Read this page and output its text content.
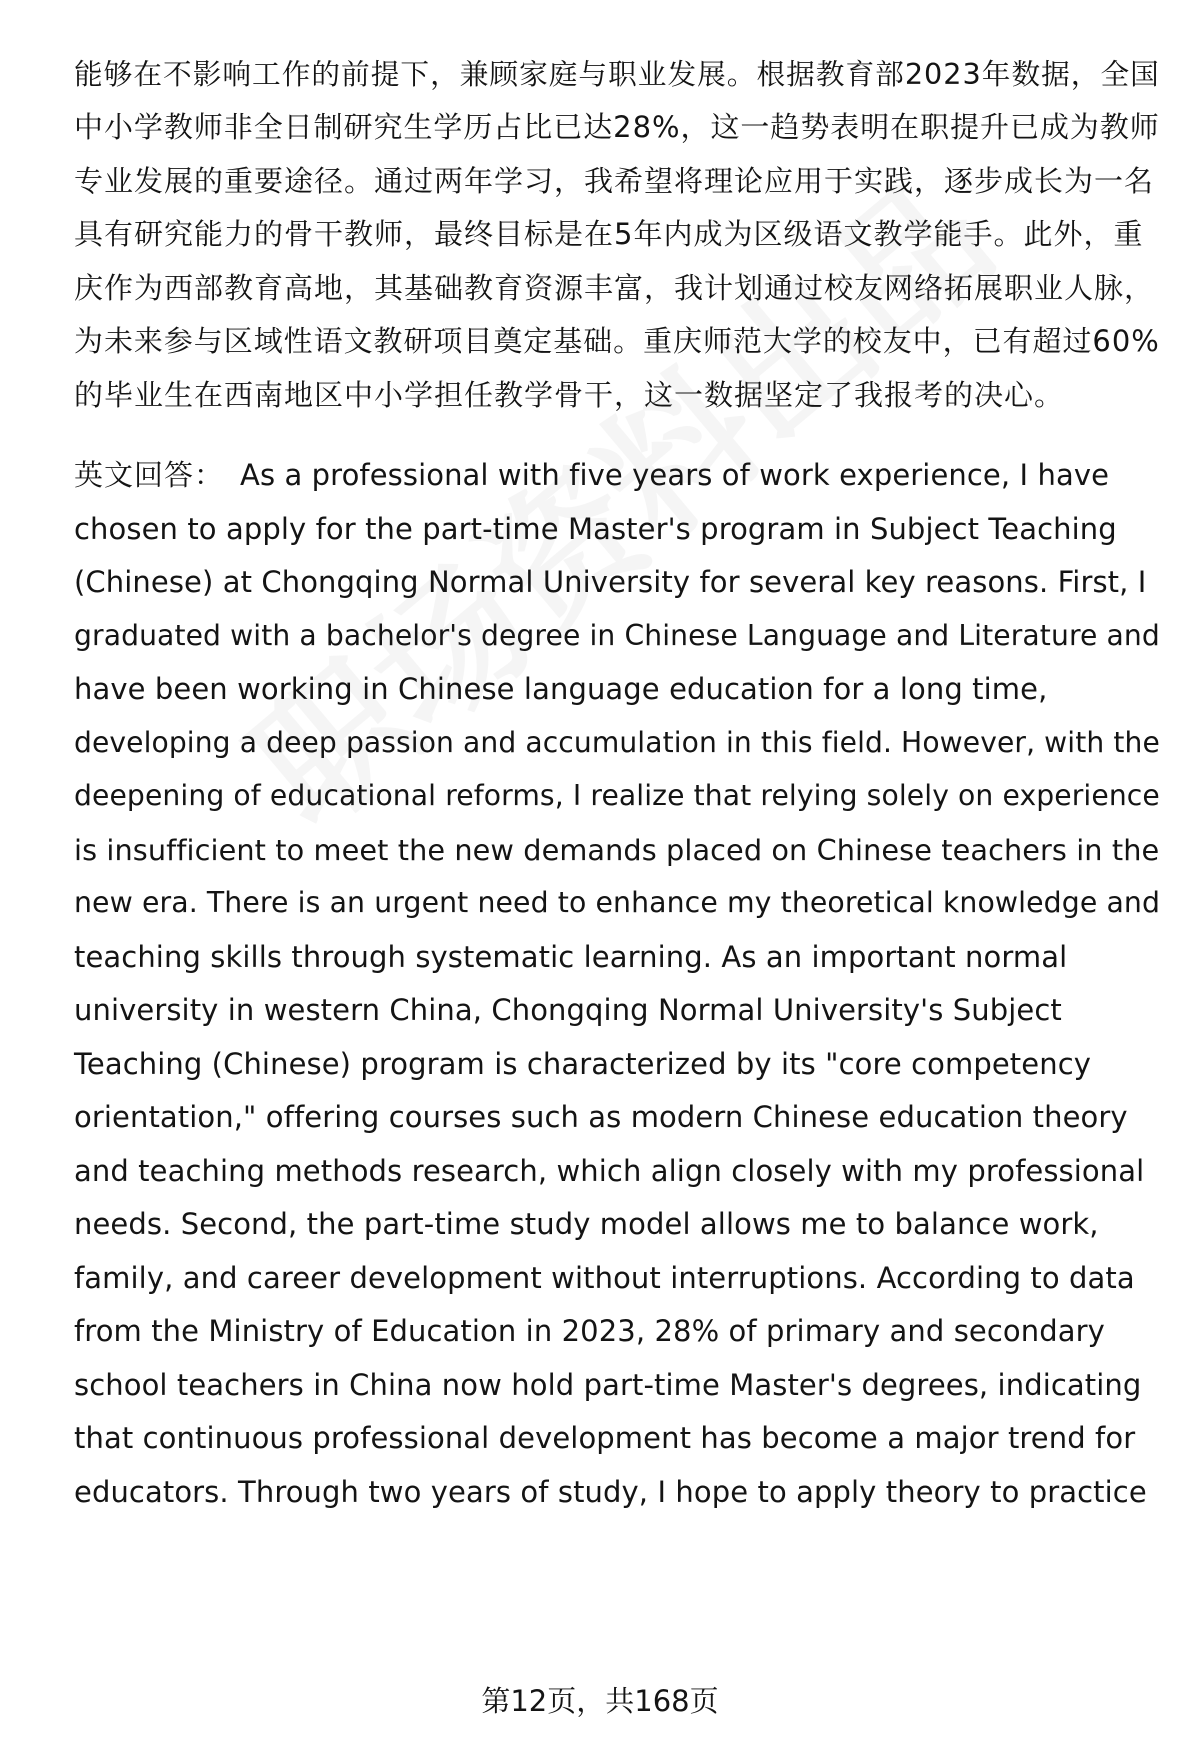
能够在不影响工作的前提下，兼顾家庭与职业发展。根据教育部2023年数据，全国
中小学教师非全日制研究生学历占比已达28%，这一趋势表明在职提升已成为教师
专业发展的重要途径。通过两年学习，我希望将理论应用于实践，逐步成长为一名
具有研究能力的骨干教师，最终目标是在5年内成为区级语文教学能手。此外，重
庆作为西部教育高地，其基础教育资源丰富，我计划通过校友网络拓展职业人脉，
为未来参与区域性语文教研项目奠定基础。重庆师范大学的校友中，已有超过60%
的毕业生在西南地区中小学担任教学骨干，这一数据坚定了我报考的决心。
英文回答： As a professional with five years of work experience, I have
chosen to apply for the part-time Master's program in Subject Teaching
(Chinese) at Chongqing Normal University for several key reasons. First, I
graduated with a bachelor's degree in Chinese Language and Literature and
have been working in Chinese language education for a long time,
developing a deep passion and accumulation in this field. However, with the
deepening of educational reforms, I realize that relying solely on experience
is insufficient to meet the new demands placed on Chinese teachers in the
new era. There is an urgent need to enhance my theoretical knowledge and
teaching skills through systematic learning. As an important normal
university in western China, Chongqing Normal University's Subject
Teaching (Chinese) program is characterized by its "core competency
orientation," offering courses such as modern Chinese education theory
and teaching methods research, which align closely with my professional
needs. Second, the part-time study model allows me to balance work,
family, and career development without interruptions. According to data
from the Ministry of Education in 2023, 28% of primary and secondary
school teachers in China now hold part-time Master's degrees, indicating
that continuous professional development has become a major trend for
educators. Through two years of study, I hope to apply theory to practice
第12页，共168页
